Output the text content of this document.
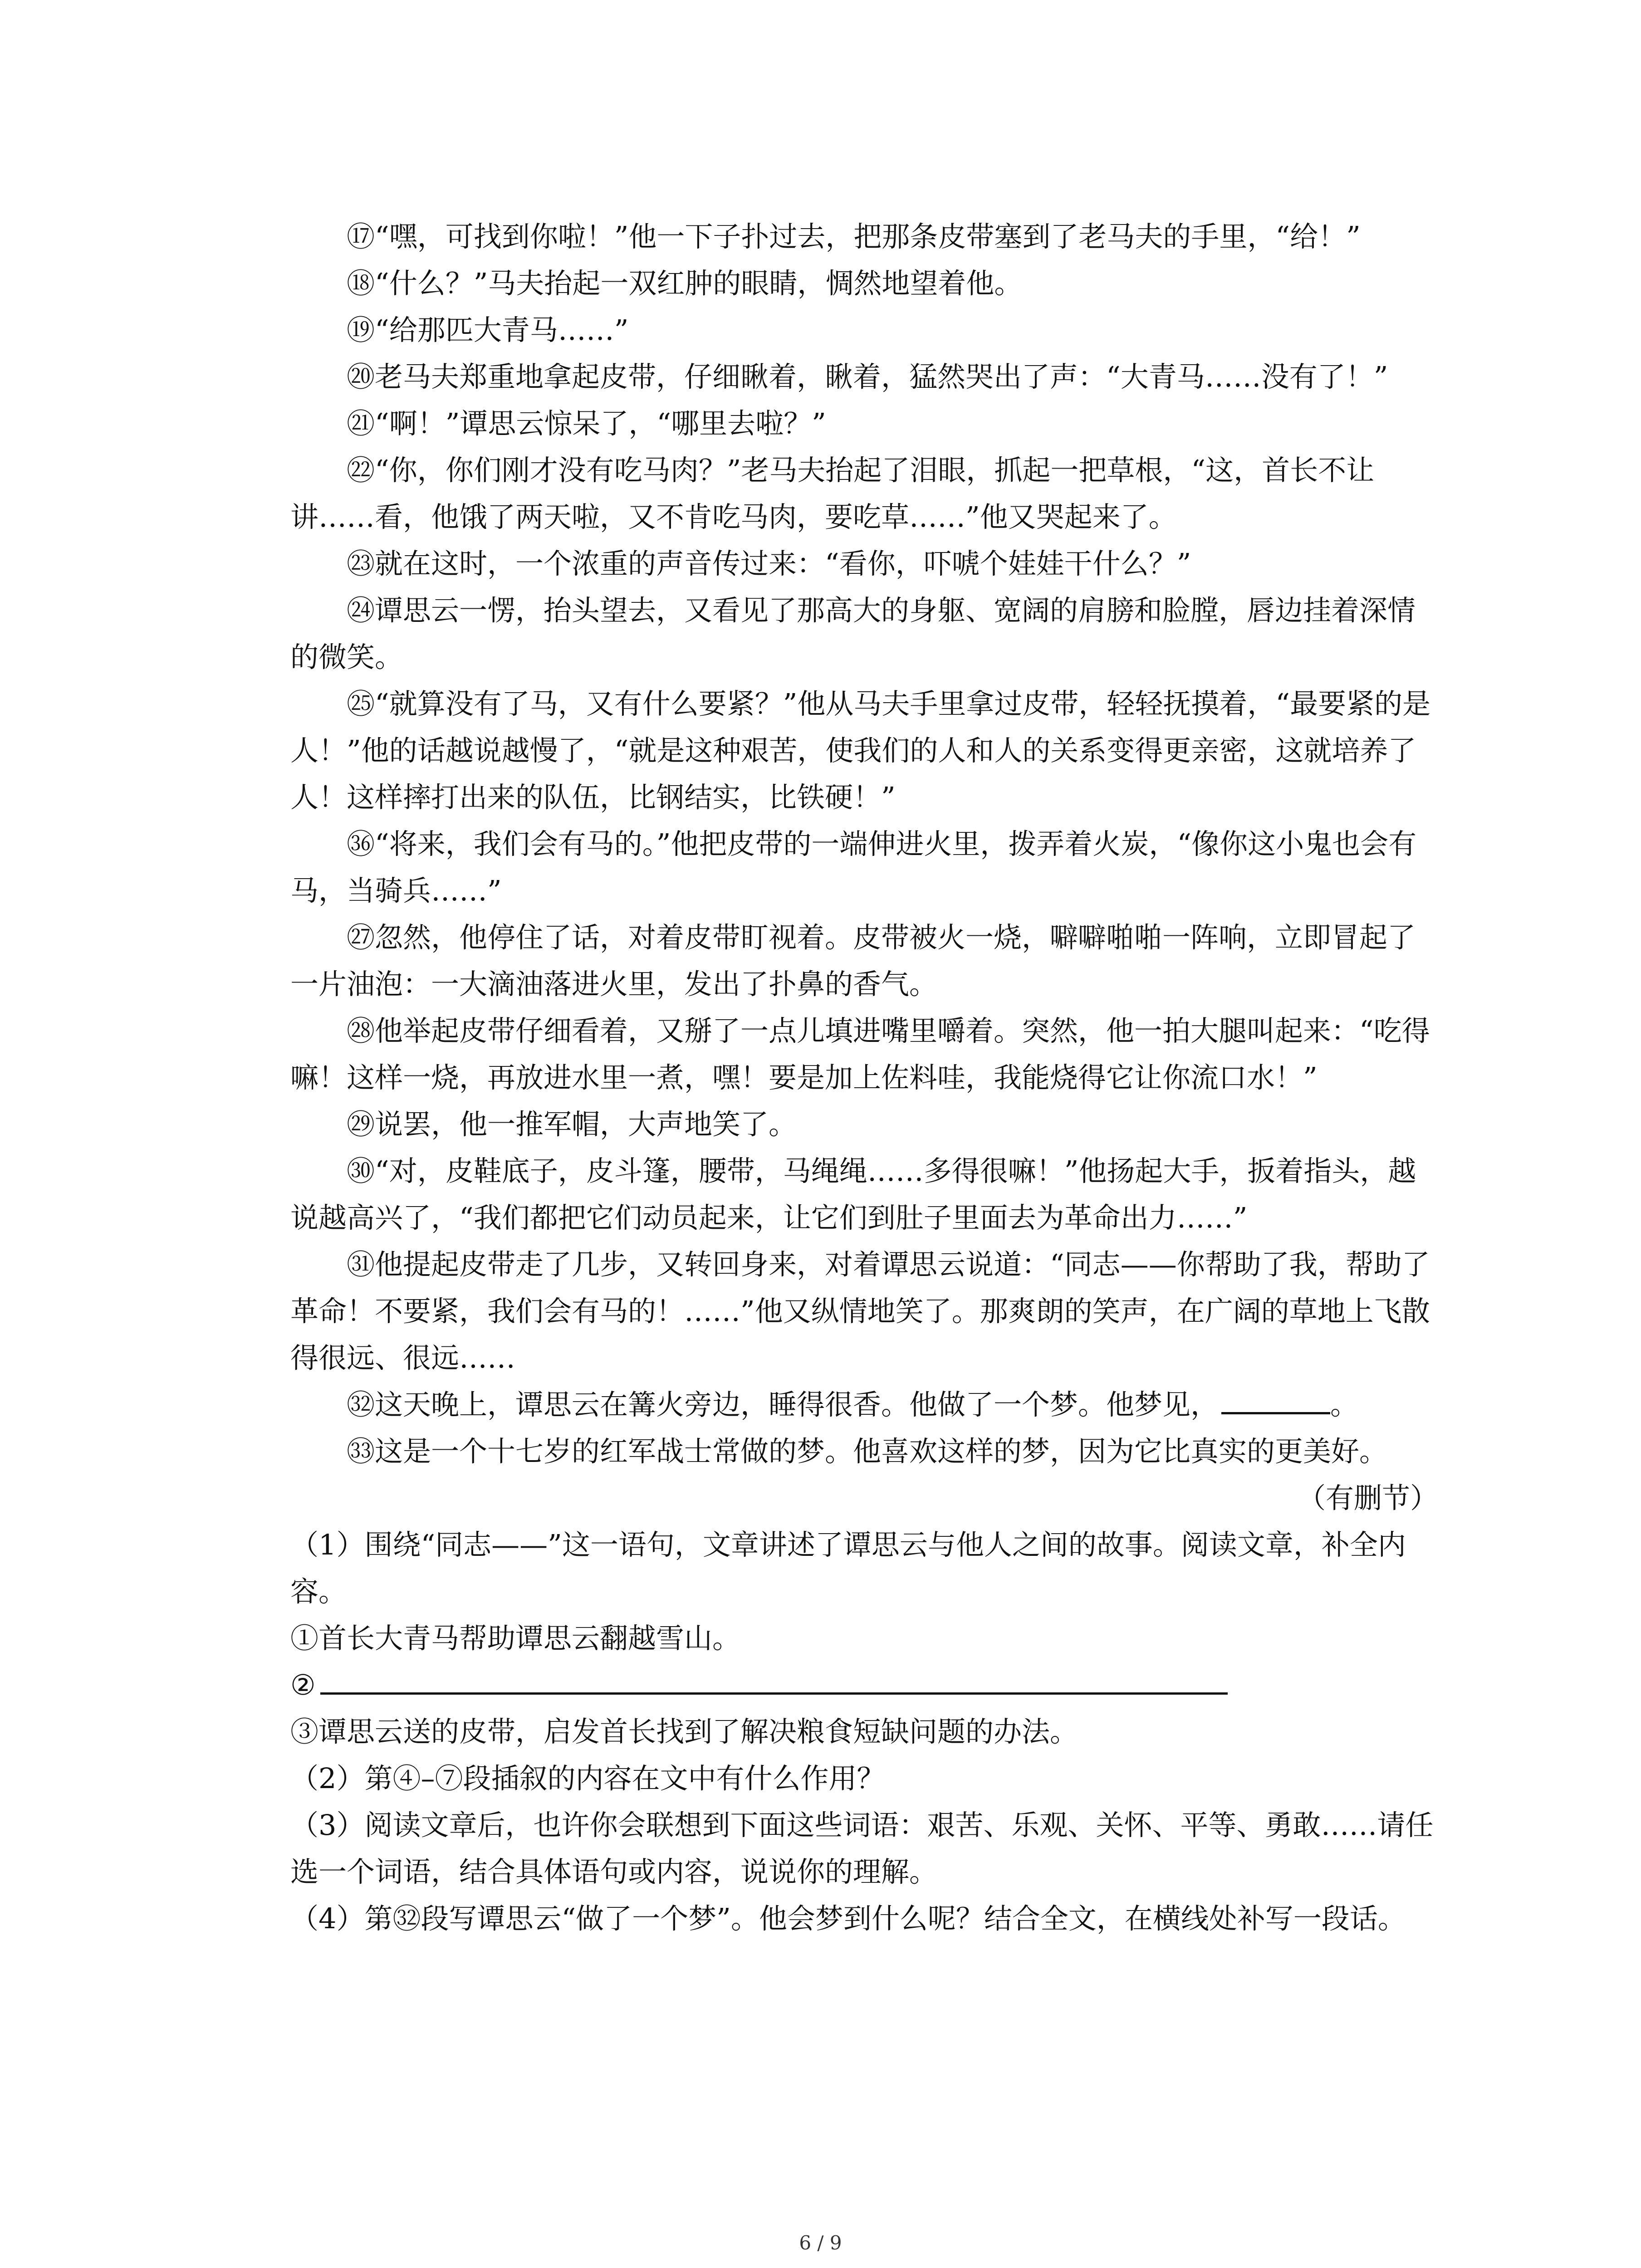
⑰“嘿，可找到你啦！”他一下子扑过去，把那条皮带塞到了老马夫的手里，“给！”

⑱“什么？”马夫抬起一双红肿的眼睛，惆然地望着他。

⑲“给那匹大青马……”

⑳老马夫郑重地拿起皮带，仔细瞅着，瞅着，猛然哭出了声：“大青马……没有了！”

㉑“啊！”谭思云惊呆了，“哪里去啦？”

㉒“你，你们刚才没有吃马肉？”老马夫抬起了泪眼，抓起一把草根，“这，首长不让讲……看，他饿了两天啦，又不肯吃马肉，要吃草……”他又哭起来了。

㉓就在这时，一个浓重的声音传过来：“看你，吓唬个娃娃干什么？”

㉔谭思云一愣，抬头望去，又看见了那高大的身躯、宽阔的肩膀和脸膛，唇边挂着深情的微笑。

㉕“就算没有了马，又有什么要紧？”他从马夫手里拿过皮带，轻轻抚摸着，“最要紧的是人！”他的话越说越慢了，“就是这种艰苦，使我们的人和人的关系变得更亲密，这就培养了人！这样摔打出来的队伍，比钢结实，比铁硬！”

㊱“将来，我们会有马的。”他把皮带的一端伸进火里，拨弄着火炭，“像你这小鬼也会有马，当骑兵……”

㉗忽然，他停住了话，对着皮带盯视着。皮带被火一烧，噼噼啪啪一阵响，立即冒起了一片油泡：一大滴油落进火里，发出了扑鼻的香气。

㉘他举起皮带仔细看着，又掰了一点儿填进嘴里嚼着。突然，他一拍大腿叫起来：“吃得嘛！这样一烧，再放进水里一煮，嘿！要是加上佐料哇，我能烧得它让你流口水！”

㉙说罢，他一推军帽，大声地笑了。

㉚“对，皮鞋底子，皮斗篷，腰带，马绳绳……多得很嘛！”他扬起大手，扳着指头，越说越高兴了，“我们都把它们动员起来，让它们到肚子里面去为革命出力……”

㉛他提起皮带走了几步，又转回身来，对着谭思云说道：“同志——你帮助了我，帮助了革命！不要紧，我们会有马的！……”他又纵情地笑了。那爽朗的笑声，在广阔的草地上飞散得很远、很远……

㉜这天晚上，谭思云在篝火旁边，睡得很香。他做了一个梦。他梦见，	。

㉝这是一个十七岁的红军战士常做的梦。他喜欢这样的梦，因为它比真实的更美好。

（有删节）

（1）围绕“同志——”这一语句，文章讲述了谭思云与他人之间的故事。阅读文章，补全内容。

①首长大青马帮助谭思云翻越雪山。

②

③谭思云送的皮带，启发首长找到了解决粮食短缺问题的办法。

（2）第④–⑦段插叙的内容在文中有什么作用？

（3）阅读文章后，也许你会联想到下面这些词语：艰苦、乐观、关怀、平等、勇敢……请任选一个词语，结合具体语句或内容，说说你的理解。

（4）第㉜段写谭思云“做了一个梦”。他会梦到什么呢？结合全文，在横线处补写一段话。

6 / 9
